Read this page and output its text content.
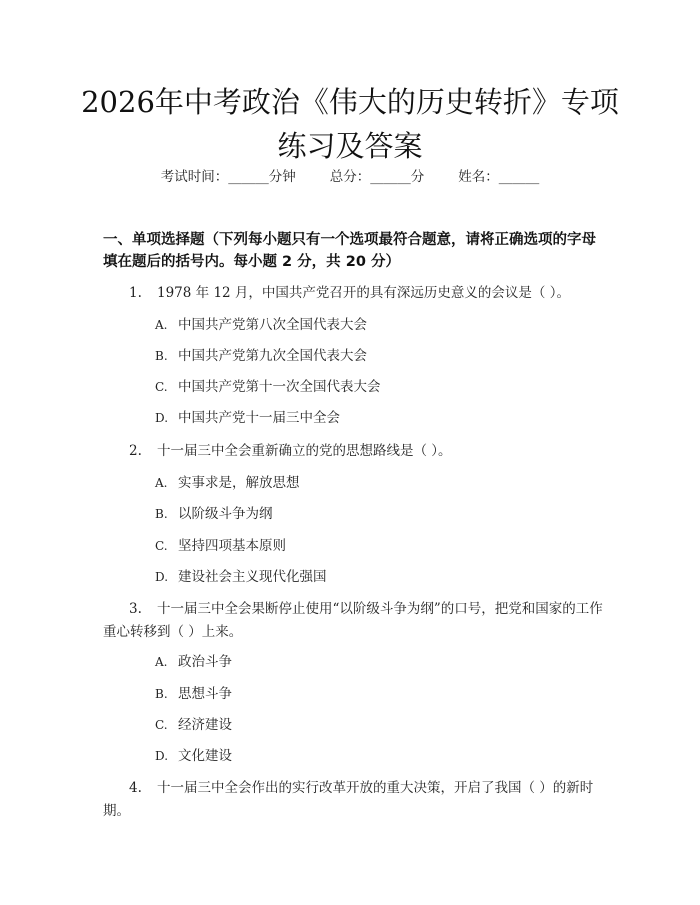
2026年中考政治《伟大的历史转折》专项练习及答案
考试时间：______分钟	总分：______分	姓名：______
一、单项选择题（下列每小题只有一个选项最符合题意，请将正确选项的字母填在题后的括号内。每小题 2 分，共 20 分）
1. 1978 年 12 月，中国共产党召开的具有深远历史意义的会议是（ ）。
A. 中国共产党第八次全国代表大会
B. 中国共产党第九次全国代表大会
C. 中国共产党第十一次全国代表大会
D. 中国共产党十一届三中全会
2. 十一届三中全会重新确立的党的思想路线是（ ）。
A. 实事求是，解放思想
B. 以阶级斗争为纲
C. 坚持四项基本原则
D. 建设社会主义现代化强国
3. 十一届三中全会果断停止使用“以阶级斗争为纲”的口号，把党和国家的工作重心转移到（ ）上来。
A. 政治斗争
B. 思想斗争
C. 经济建设
D. 文化建设
4. 十一届三中全会作出的实行改革开放的重大决策，开启了我国（ ）的新时期。
